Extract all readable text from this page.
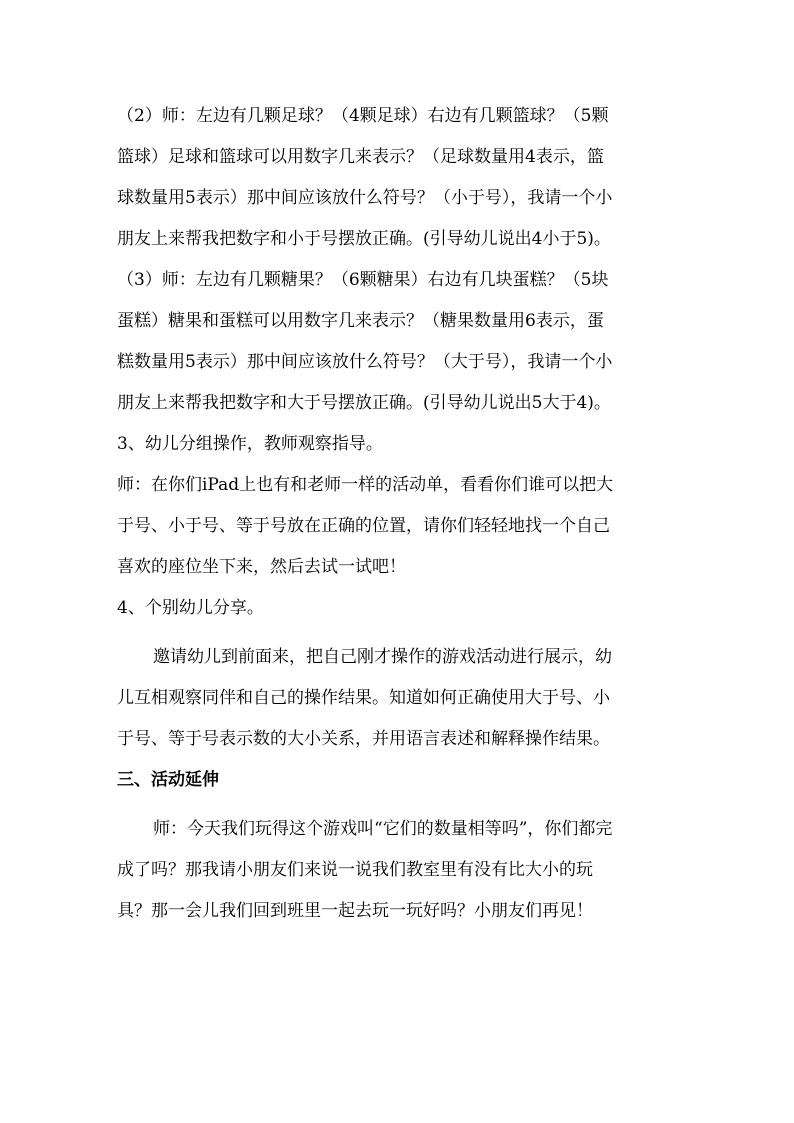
（2）师：左边有几颗足球？（4颗足球）右边有几颗篮球？（5颗
篮球）足球和篮球可以用数字几来表示？（足球数量用4表示，篮
球数量用5表示）那中间应该放什么符号？（小于号），我请一个小
朋友上来帮我把数字和小于号摆放正确。(引导幼儿说出4小于5)。
（3）师：左边有几颗糖果？（6颗糖果）右边有几块蛋糕？（5块
蛋糕）糖果和蛋糕可以用数字几来表示？（糖果数量用6表示，蛋
糕数量用5表示）那中间应该放什么符号？（大于号），我请一个小
朋友上来帮我把数字和大于号摆放正确。(引导幼儿说出5大于4)。
3、幼儿分组操作，教师观察指导。
师：在你们iPad上也有和老师一样的活动单，看看你们谁可以把大
于号、小于号、等于号放在正确的位置，请你们轻轻地找一个自己
喜欢的座位坐下来，然后去试一试吧！
4、个别幼儿分享。
邀请幼儿到前面来，把自己刚才操作的游戏活动进行展示，幼
儿互相观察同伴和自己的操作结果。知道如何正确使用大于号、小
于号、等于号表示数的大小关系，并用语言表述和解释操作结果。
三、活动延伸
师：今天我们玩得这个游戏叫“它们的数量相等吗”，你们都完
成了吗？那我请小朋友们来说一说我们教室里有没有比大小的玩
具？那一会儿我们回到班里一起去玩一玩好吗？小朋友们再见！
